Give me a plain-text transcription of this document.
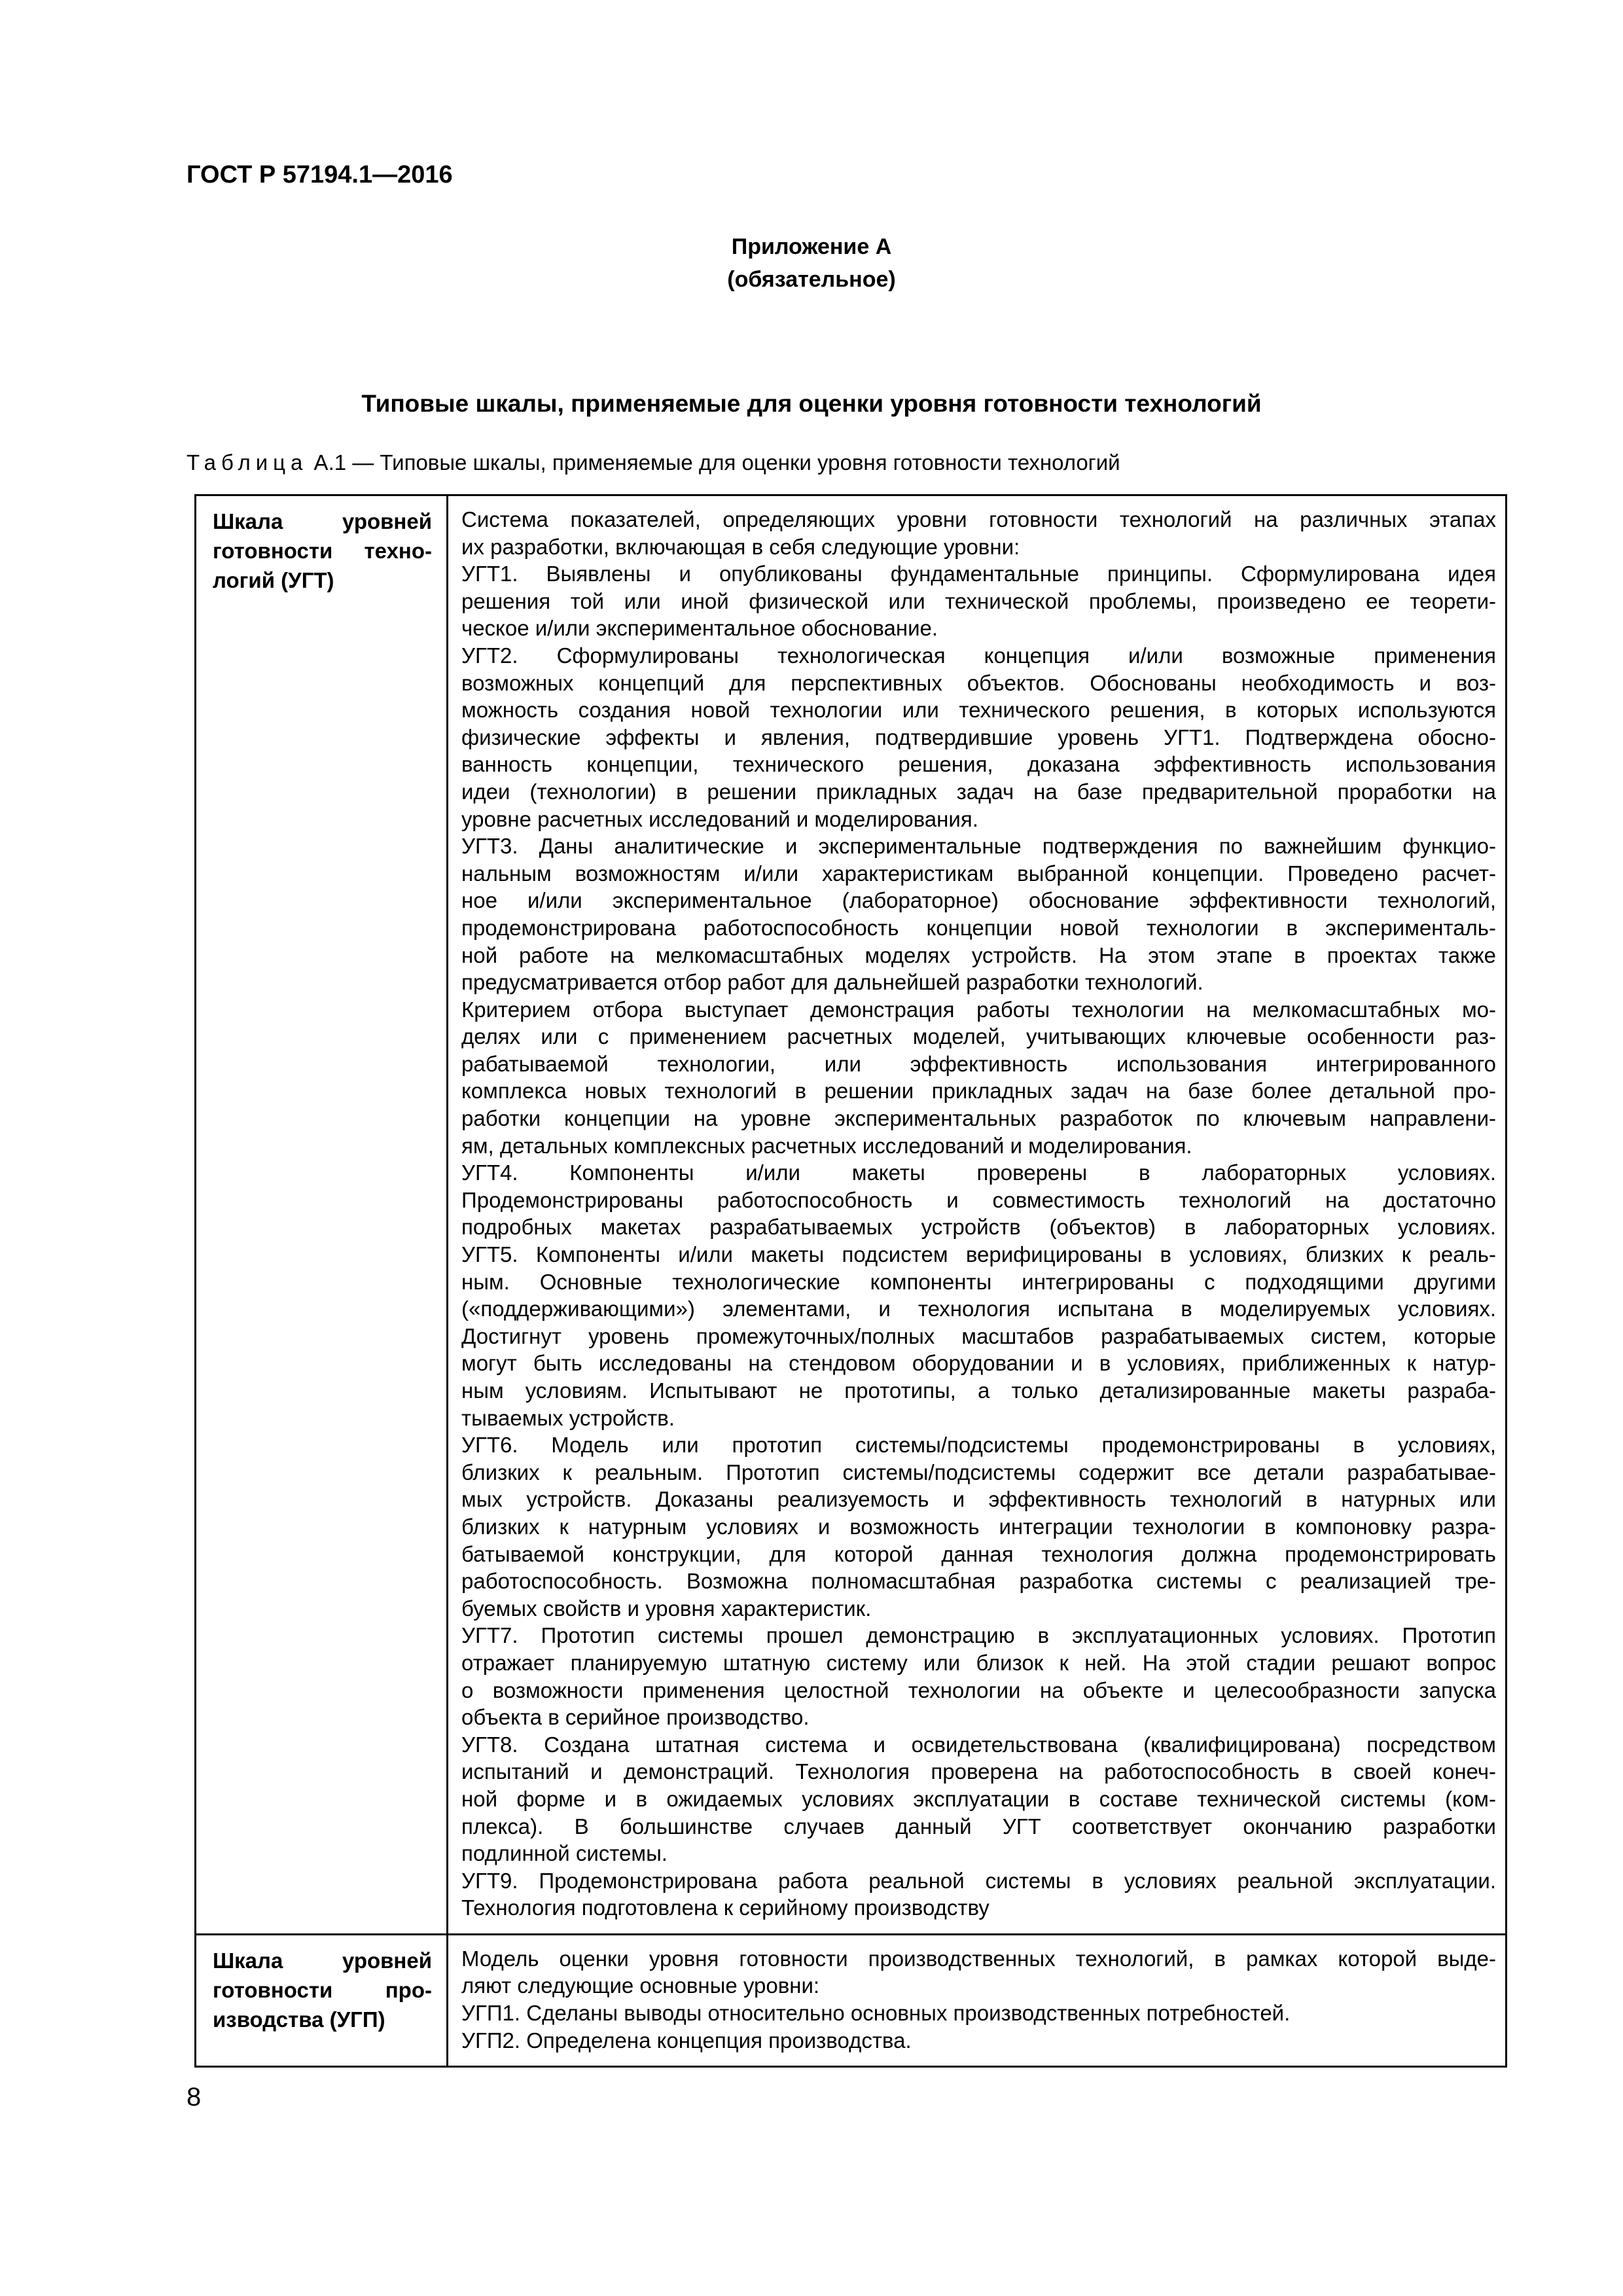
ГОСТ Р 57194.1—2016
Приложение А
(обязательное)
Типовые шкалы, применяемые для оценки уровня готовности технологий
Таблица А.1 — Типовые шкалы, применяемые для оценки уровня готовности технологий
Шкала уровней
готовности техно-
логий (УГТ)
Система показателей, определяющих уровни готовности технологий на различных этапах
их разработки, включающая в себя следующие уровни:
УГТ1. Выявлены и опубликованы фундаментальные принципы. Сформулирована идея
решения той или иной физической или технической проблемы, произведено ее теорети-
ческое и/или экспериментальное обоснование.
УГТ2. Сформулированы технологическая концепция и/или возможные применения
возможных концепций для перспективных объектов. Обоснованы необходимость и воз-
можность создания новой технологии или технического решения, в которых используются
физические эффекты и явления, подтвердившие уровень УГТ1. Подтверждена обосно-
ванность концепции, технического решения, доказана эффективность использования
идеи (технологии) в решении прикладных задач на базе предварительной проработки на
уровне расчетных исследований и моделирования.
УГТ3. Даны аналитические и экспериментальные подтверждения по важнейшим функцио-
нальным возможностям и/или характеристикам выбранной концепции. Проведено расчет-
ное и/или экспериментальное (лабораторное) обоснование эффективности технологий,
продемонстрирована работоспособность концепции новой технологии в эксперименталь-
ной работе на мелкомасштабных моделях устройств. На этом этапе в проектах также
предусматривается отбор работ для дальнейшей разработки технологий.
Критерием отбора выступает демонстрация работы технологии на мелкомасштабных мо-
делях или с применением расчетных моделей, учитывающих ключевые особенности раз-
рабатываемой технологии, или эффективность использования интегрированного
комплекса новых технологий в решении прикладных задач на базе более детальной про-
работки концепции на уровне экспериментальных разработок по ключевым направлени-
ям, детальных комплексных расчетных исследований и моделирования.
УГТ4. Компоненты и/или макеты проверены в лабораторных условиях.
Продемонстрированы работоспособность и совместимость технологий на достаточно
подробных макетах разрабатываемых устройств (объектов) в лабораторных условиях.
УГТ5. Компоненты и/или макеты подсистем верифицированы в условиях, близких к реаль-
ным. Основные технологические компоненты интегрированы с подходящими другими
(«поддерживающими») элементами, и технология испытана в моделируемых условиях.
Достигнут уровень промежуточных/полных масштабов разрабатываемых систем, которые
могут быть исследованы на стендовом оборудовании и в условиях, приближенных к натур-
ным условиям. Испытывают не прототипы, а только детализированные макеты разраба-
тываемых устройств.
УГТ6. Модель или прототип системы/подсистемы продемонстрированы в условиях,
близких к реальным. Прототип системы/подсистемы содержит все детали разрабатывае-
мых устройств. Доказаны реализуемость и эффективность технологий в натурных или
близких к натурным условиях и возможность интеграции технологии в компоновку разра-
батываемой конструкции, для которой данная технология должна продемонстрировать
работоспособность. Возможна полномасштабная разработка системы с реализацией тре-
буемых свойств и уровня характеристик.
УГТ7. Прототип системы прошел демонстрацию в эксплуатационных условиях. Прототип
отражает планируемую штатную систему или близок к ней. На этой стадии решают вопрос
о возможности применения целостной технологии на объекте и целесообразности запуска
объекта в серийное производство.
УГТ8. Создана штатная система и освидетельствована (квалифицирована) посредством
испытаний и демонстраций. Технология проверена на работоспособность в своей конеч-
ной форме и в ожидаемых условиях эксплуатации в составе технической системы (ком-
плекса). В большинстве случаев данный УГТ соответствует окончанию разработки
подлинной системы.
УГТ9. Продемонстрирована работа реальной системы в условиях реальной эксплуатации.
Технология подготовлена к серийному производству
Шкала уровней
готовности про-
изводства (УГП)
Модель оценки уровня готовности производственных технологий, в рамках которой выде-
ляют следующие основные уровни:
УГП1. Сделаны выводы относительно основных производственных потребностей.
УГП2. Определена концепция производства.
8
